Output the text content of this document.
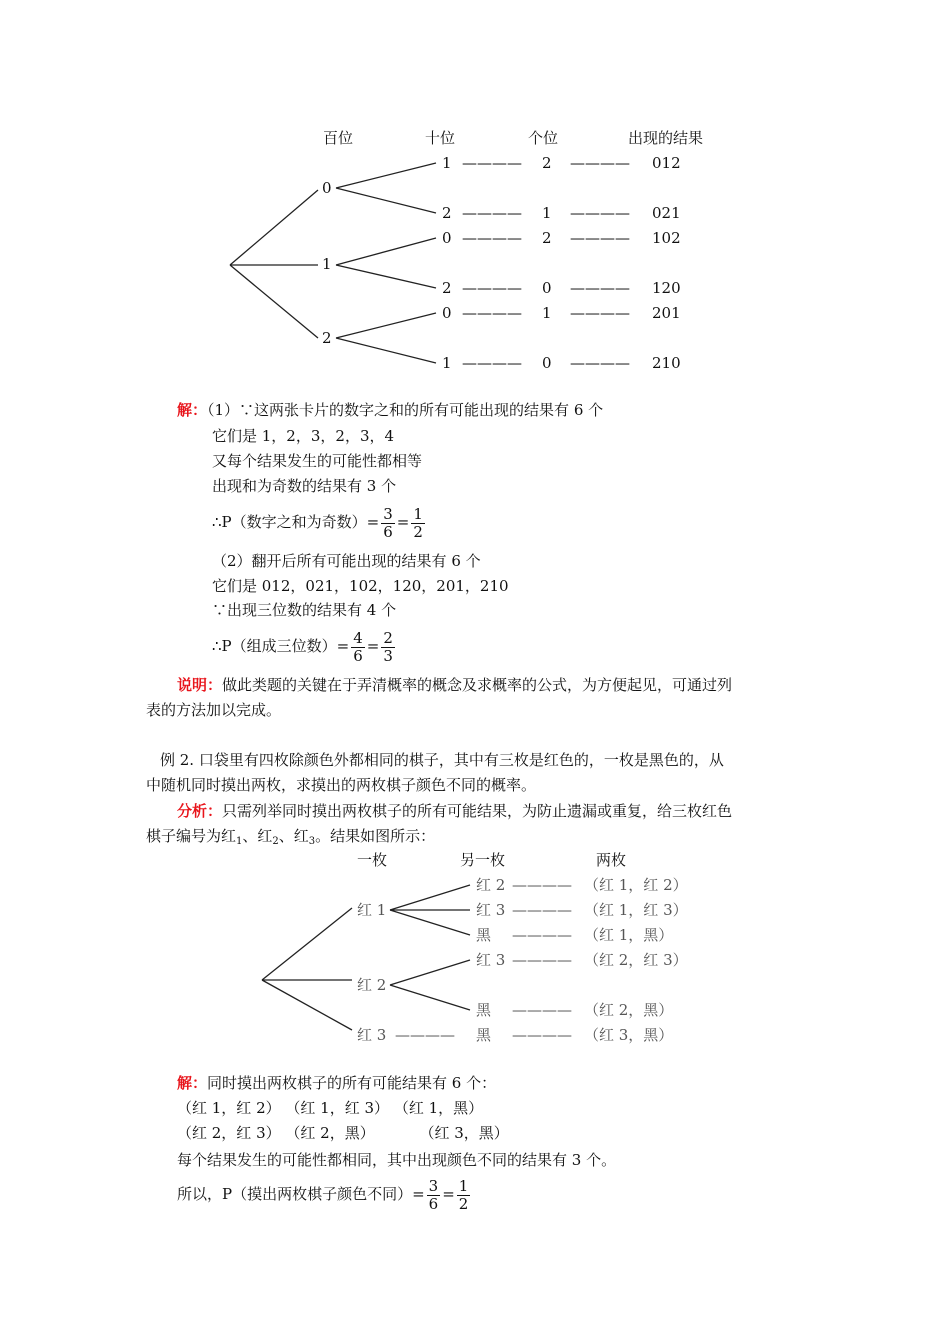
百位	十位	个位	出现的结果
0
1
2
1 ———— 2 ———— 012
2 ———— 1 ———— 021
0 ———— 2 ———— 102
2 ———— 0 ———— 120
0 ———— 1 ———— 201
1 ———— 0 ———— 210
解：（1）∵这两张卡片的数字之和的所有可能出现的结果有 6 个
它们是 1，2，3，2，3，4
又每个结果发生的可能性都相等
出现和为奇数的结果有 3 个
∴P（数字之和为奇数）= $\frac{3}{6} = \frac{1}{2}$
（2）翻开后所有可能出现的结果有 6 个
它们是 012，021，102，120，201，210
∵出现三位数的结果有 4 个
∴P（组成三位数）= $\frac{4}{6} = \frac{2}{3}$
说明：做此类题的关键在于弄清概率的概念及求概率的公式，为方便起见，可通过列
表的方法加以完成。
例 2. 口袋里有四枚除颜色外都相同的棋子，其中有三枚是红色的，一枚是黑色的，从
中随机同时摸出两枚，求摸出的两枚棋子颜色不同的概率。
分析：只需列举同时摸出两枚棋子的所有可能结果，为防止遗漏或重复，给三枚红色
棋子编号为红$_1$、红$_2$、红$_3$。结果如图所示：
一枚	另一枚	两枚
红 1
红 2
红 3 ————
红 2 ———— （红 1，红 2）
红 3 ———— （红 1，红 3）
黑 ———— （红 1，黑）
红 3 ———— （红 2，红 3）
黑 ———— （红 2，黑）
黑 ———— （红 3，黑）
解：同时摸出两枚棋子的所有可能结果有 6 个：
（红 1，红 2） （红 1，红 3） （红 1，黑）
（红 2，红 3） （红 2，黑）	（红 3，黑）
每个结果发生的可能性都相同，其中出现颜色不同的结果有 3 个。
所以，P（摸出两枚棋子颜色不同）= $\frac{3}{6} = \frac{1}{2}$
